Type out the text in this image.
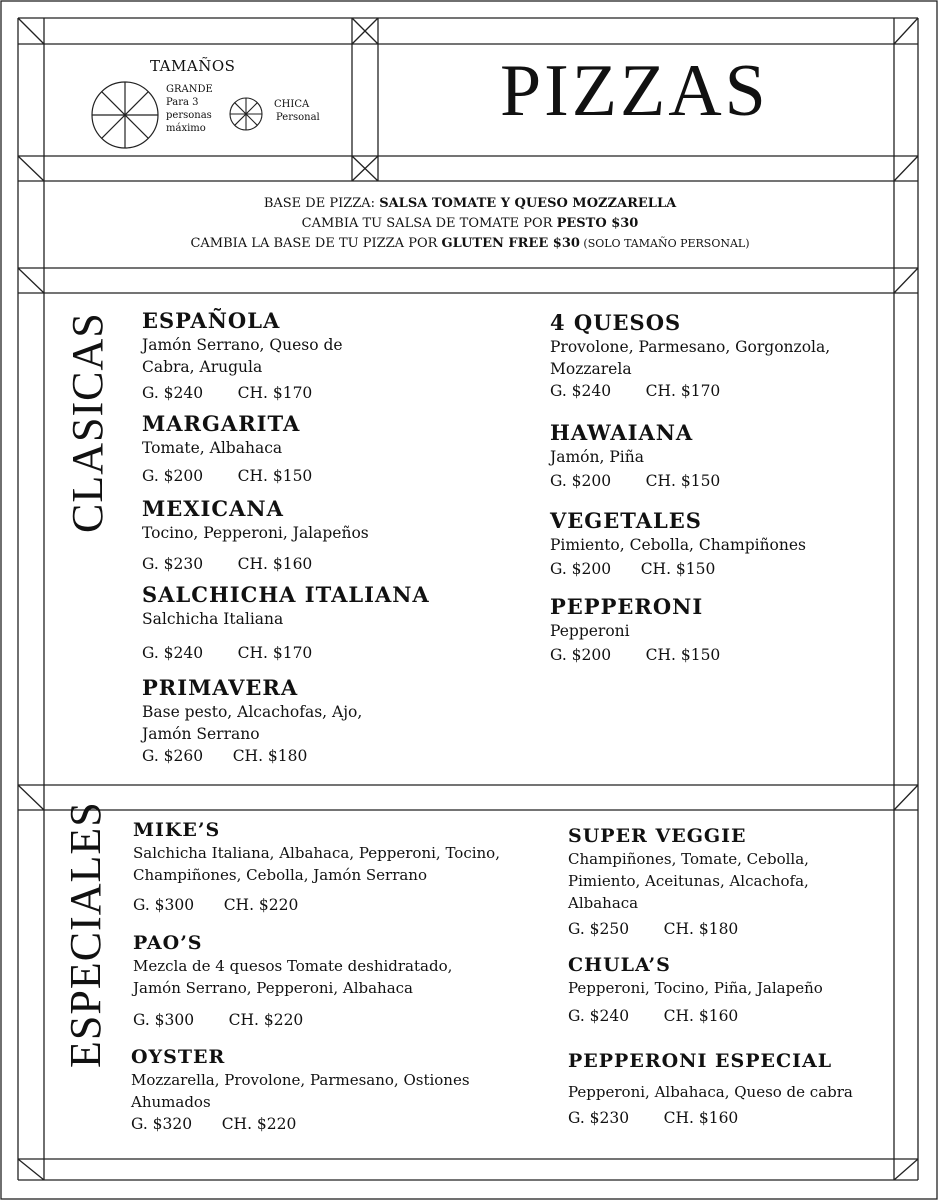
TAMAÑOS
GRANDE
Para 3
personas
máximo
CHICA
Personal PIZZAS
BASE DE PIZZA: SALSA TOMATE Y QUESO MOZZARELLA
CAMBIA TU SALSA DE TOMATE POR PESTO $30
CAMBIA LA BASE DE TU PIZZA POR GLUTEN FREE $30 (SOLO TAMAÑO PERSONAL)
CLASICAS
ESPECIALES
ESPAÑOLA
Jamón Serrano, Queso de
Cabra, Arugula
G. $240       CH. $170
MARGARITA
Tomate, Albahaca
G. $200       CH. $150
MEXICANA
Tocino, Pepperoni, Jalapeños
G. $230       CH. $160
SALCHICHA ITALIANA
Salchicha Italiana
G. $240       CH. $170
PRIMAVERA
Base pesto, Alcachofas, Ajo,
Jamón Serrano
G. $260      CH. $180
4 QUESOS
Provolone, Parmesano, Gorgonzola,
Mozzarela
G. $240       CH. $170
HAWAIANA
Jamón, Piña
G. $200       CH. $150
VEGETALES
Pimiento, Cebolla, Champiñones
G. $200      CH. $150
PEPPERONI
Pepperoni
G. $200       CH. $150
MIKE’S
Salchicha Italiana, Albahaca, Pepperoni, Tocino,
Champiñones, Cebolla, Jamón Serrano
G. $300      CH. $220
PAO’S
Mezcla de 4 quesos Tomate deshidratado,
Jamón Serrano, Pepperoni, Albahaca
G. $300       CH. $220
OYSTER
Mozzarella, Provolone, Parmesano, Ostiones
Ahumados
G. $320      CH. $220
SUPER VEGGIE
Champiñones, Tomate, Cebolla,
Pimiento, Aceitunas, Alcachofa,
Albahaca
G. $250       CH. $180
CHULA’S
Pepperoni, Tocino, Piña, Jalapeño
G. $240       CH. $160
PEPPERONI ESPECIAL
Pepperoni, Albahaca, Queso de cabra
G. $230       CH. $160
